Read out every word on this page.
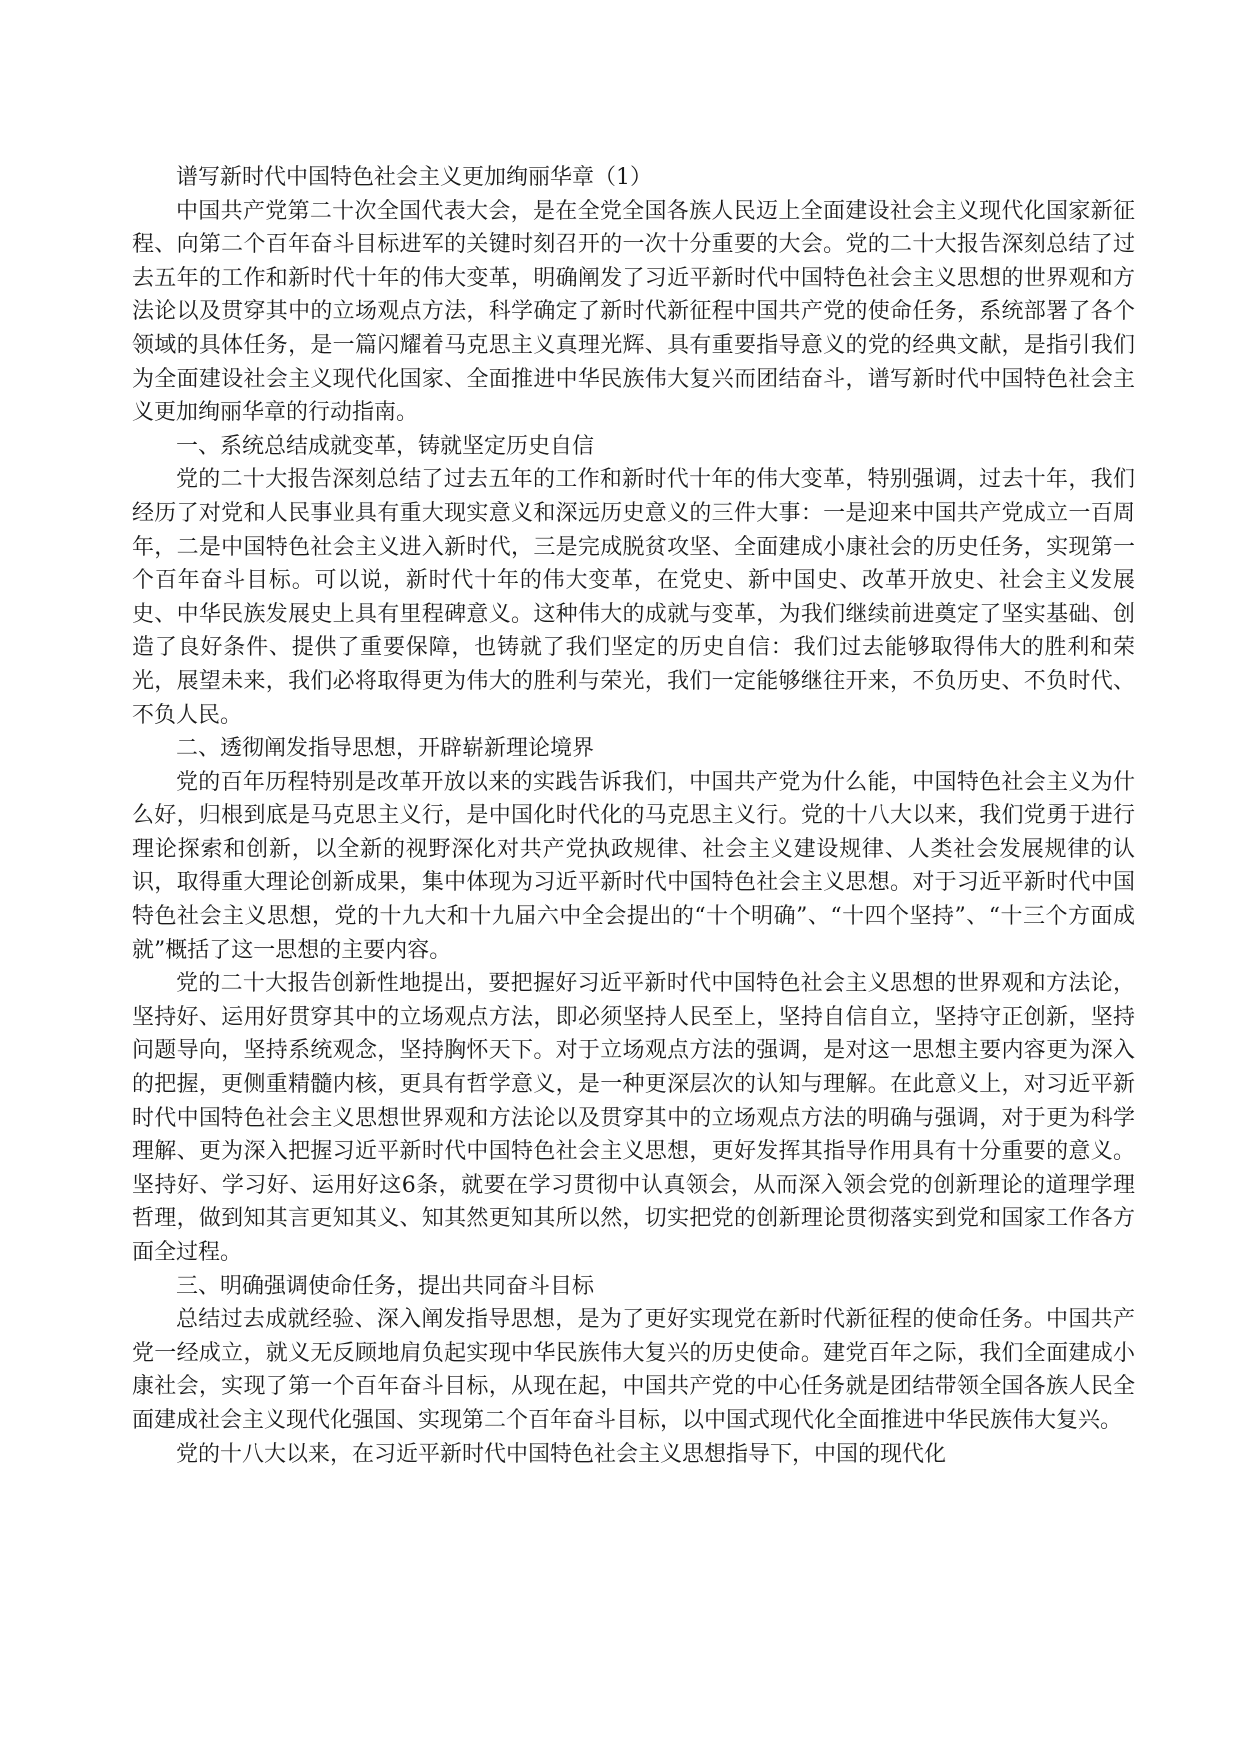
谱写新时代中国特色社会主义更加绚丽华章（1）

中国共产党第二十次全国代表大会，是在全党全国各族人民迈上全面建设社会主义现代化国家新征程、向第二个百年奋斗目标进军的关键时刻召开的一次十分重要的大会。党的二十大报告深刻总结了过去五年的工作和新时代十年的伟大变革，明确阐发了习近平新时代中国特色社会主义思想的世界观和方法论以及贯穿其中的立场观点方法，科学确定了新时代新征程中国共产党的使命任务，系统部署了各个领域的具体任务，是一篇闪耀着马克思主义真理光辉、具有重要指导意义的党的经典文献，是指引我们为全面建设社会主义现代化国家、全面推进中华民族伟大复兴而团结奋斗，谱写新时代中国特色社会主义更加绚丽华章的行动指南。

一、系统总结成就变革，铸就坚定历史自信

党的二十大报告深刻总结了过去五年的工作和新时代十年的伟大变革，特别强调，过去十年，我们经历了对党和人民事业具有重大现实意义和深远历史意义的三件大事：一是迎来中国共产党成立一百周年，二是中国特色社会主义进入新时代，三是完成脱贫攻坚、全面建成小康社会的历史任务，实现第一个百年奋斗目标。可以说，新时代十年的伟大变革，在党史、新中国史、改革开放史、社会主义发展史、中华民族发展史上具有里程碑意义。这种伟大的成就与变革，为我们继续前进奠定了坚实基础、创造了良好条件、提供了重要保障，也铸就了我们坚定的历史自信：我们过去能够取得伟大的胜利和荣光，展望未来，我们必将取得更为伟大的胜利与荣光，我们一定能够继往开来，不负历史、不负时代、不负人民。

二、透彻阐发指导思想，开辟崭新理论境界

党的百年历程特别是改革开放以来的实践告诉我们，中国共产党为什么能，中国特色社会主义为什么好，归根到底是马克思主义行，是中国化时代化的马克思主义行。党的十八大以来，我们党勇于进行理论探索和创新，以全新的视野深化对共产党执政规律、社会主义建设规律、人类社会发展规律的认识，取得重大理论创新成果，集中体现为习近平新时代中国特色社会主义思想。对于习近平新时代中国特色社会主义思想，党的十九大和十九届六中全会提出的“十个明确”、“十四个坚持”、“十三个方面成就”概括了这一思想的主要内容。

党的二十大报告创新性地提出，要把握好习近平新时代中国特色社会主义思想的世界观和方法论，坚持好、运用好贯穿其中的立场观点方法，即必须坚持人民至上，坚持自信自立，坚持守正创新，坚持问题导向，坚持系统观念，坚持胸怀天下。对于立场观点方法的强调，是对这一思想主要内容更为深入的把握，更侧重精髓内核，更具有哲学意义，是一种更深层次的认知与理解。在此意义上，对习近平新时代中国特色社会主义思想世界观和方法论以及贯穿其中的立场观点方法的明确与强调，对于更为科学理解、更为深入把握习近平新时代中国特色社会主义思想，更好发挥其指导作用具有十分重要的意义。坚持好、学习好、运用好这6条，就要在学习贯彻中认真领会，从而深入领会党的创新理论的道理学理哲理，做到知其言更知其义、知其然更知其所以然，切实把党的创新理论贯彻落实到党和国家工作各方面全过程。

三、明确强调使命任务，提出共同奋斗目标

总结过去成就经验、深入阐发指导思想，是为了更好实现党在新时代新征程的使命任务。中国共产党一经成立，就义无反顾地肩负起实现中华民族伟大复兴的历史使命。建党百年之际，我们全面建成小康社会，实现了第一个百年奋斗目标，从现在起，中国共产党的中心任务就是团结带领全国各族人民全面建成社会主义现代化强国、实现第二个百年奋斗目标，以中国式现代化全面推进中华民族伟大复兴。

党的十八大以来，在习近平新时代中国特色社会主义思想指导下，中国的现代化
